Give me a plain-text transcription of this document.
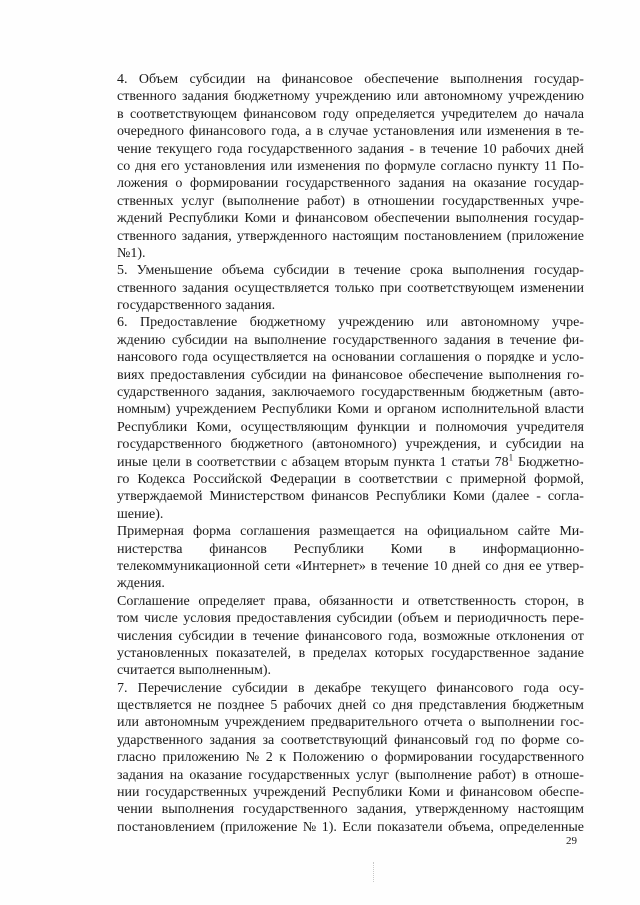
4. Объем субсидии на финансовое обеспечение выполнения государ-
ственного задания бюджетному учреждению или автономному учреждению
в соответствующем финансовом году определяется учредителем до начала
очередного финансового года, а в случае установления или изменения в те-
чение текущего года государственного задания - в течение 10 рабочих дней
со дня его установления или изменения по формуле согласно пункту 11 По-
ложения о формировании государственного задания на оказание государ-
ственных услуг (выполнение работ) в отношении государственных учре-
ждений Республики Коми и финансовом обеспечении выполнения государ-
ственного задания, утвержденного настоящим постановлением (приложение
№1).
5. Уменьшение объема субсидии в течение срока выполнения государ-
ственного задания осуществляется только при соответствующем изменении
государственного задания.
6. Предоставление бюджетному учреждению или автономному учре-
ждению субсидии на выполнение государственного задания в течение фи-
нансового года осуществляется на основании соглашения о порядке и усло-
виях предоставления субсидии на финансовое обеспечение выполнения го-
сударственного задания, заключаемого государственным бюджетным (авто-
номным) учреждением Республики Коми и органом исполнительной власти
Республики Коми, осуществляющим функции и полномочия учредителя
государственного бюджетного (автономного) учреждения, и субсидии на
иные цели в соответствии с абзацем вторым пункта 1 статьи $78^1$ Бюджетно-
го Кодекса Российской Федерации в соответствии с примерной формой,
утверждаемой Министерством финансов Республики Коми (далее - согла-
шение).
Примерная форма соглашения размещается на официальном сайте Ми-
нистерства финансов Республики Коми в информационно-
телекоммуникационной сети «Интернет» в течение 10 дней со дня ее утвер-
ждения.
Соглашение определяет права, обязанности и ответственность сторон, в
том числе условия предоставления субсидии (объем и периодичность пере-
числения субсидии в течение финансового года, возможные отклонения от
установленных показателей, в пределах которых государственное задание
считается выполненным).
7. Перечисление субсидии в декабре текущего финансового года осу-
ществляется не позднее 5 рабочих дней со дня представления бюджетным
или автономным учреждением предварительного отчета о выполнении гос-
ударственного задания за соответствующий финансовый год по форме со-
гласно приложению № 2 к Положению о формировании государственного
задания на оказание государственных услуг (выполнение работ) в отноше-
нии государственных учреждений Республики Коми и финансовом обеспе-
чении выполнения государственного задания, утвержденному настоящим
постановлением (приложение № 1). Если показатели объема, определенные
29
